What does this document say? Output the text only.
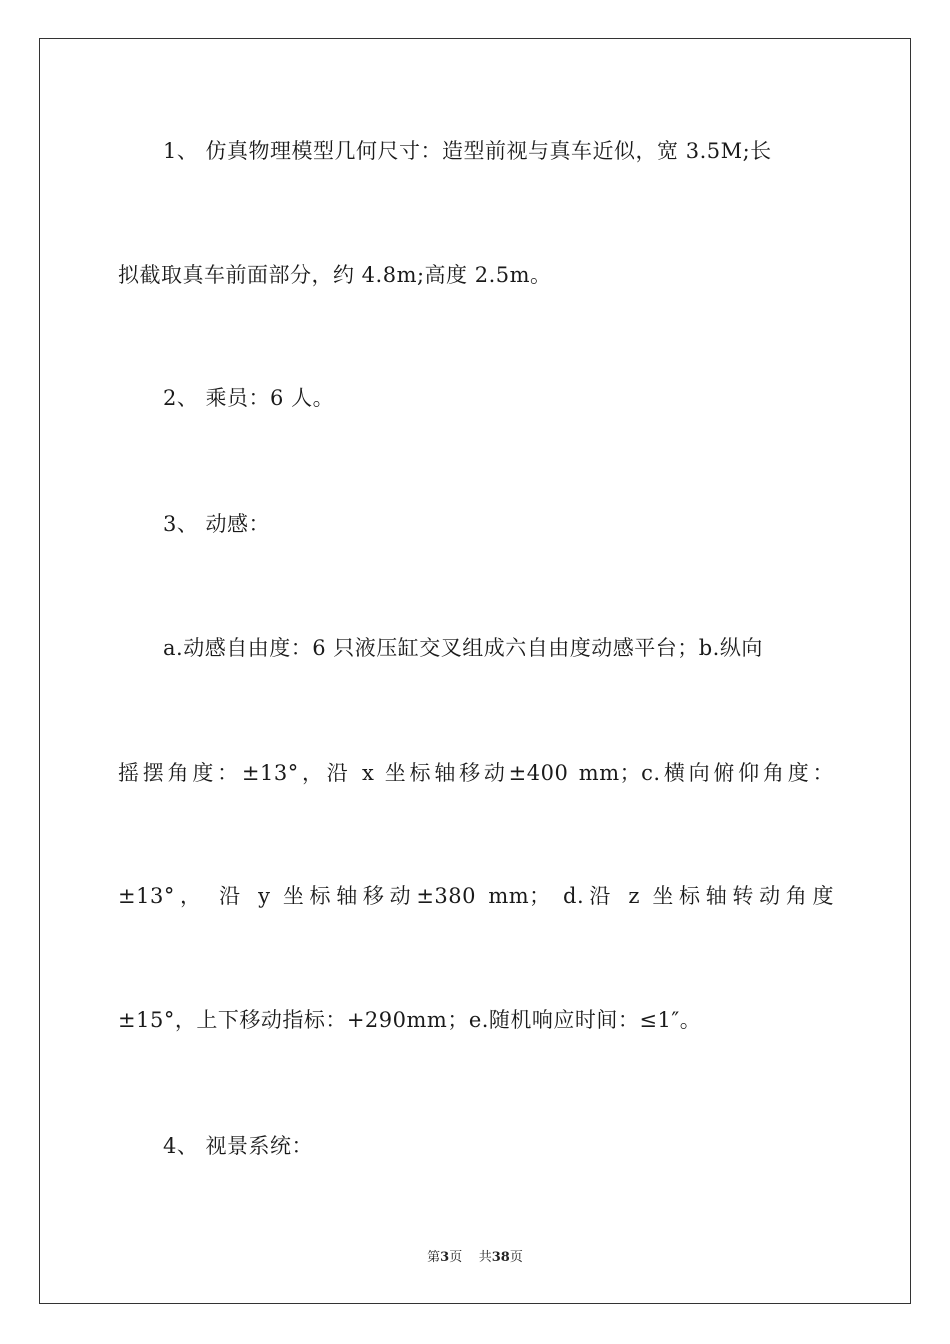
1、 仿真物理模型几何尺寸：造型前视与真车近似，宽 3.5M;长
拟截取真车前面部分，约 4.8m;高度 2.5m。
2、 乘员：6 人。
3、 动感：
a.动感自由度：6 只液压缸交叉组成六自由度动感平台；b.纵向
摇摆角度：±13°，沿 x 坐标轴移动±400 mm；c.横向俯仰角度：
±13°， 沿 y 坐标轴移动±380 mm； d.沿 z 坐标轴转动角度
±15°，上下移动指标：+290mm；e.随机响应时间：≤1″。
4、 视景系统：
第3页 共38页
